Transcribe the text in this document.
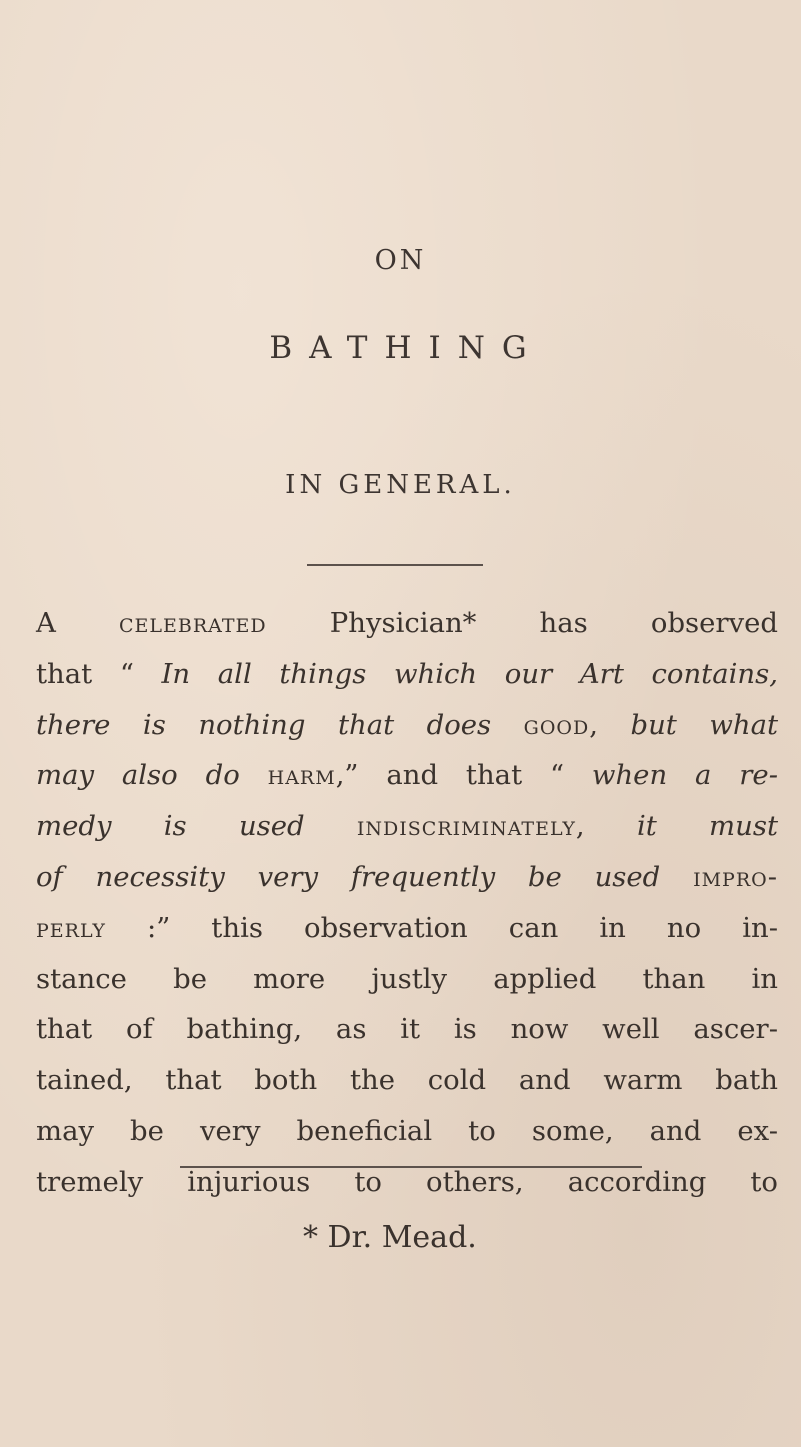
ON
BATHING
IN GENERAL.
A celebrated Physician* has observed
that “ In all things which our Art contains,
there is nothing that does good, but what
may also do harm,” and that “ when a re-
medy is used indiscriminately, it must
of necessity very frequently be used impro-
perly :” this observation can in no in-
stance be more justly applied than in
that of bathing, as it is now well ascer-
tained, that both the cold and warm bath
may be very beneficial to some, and ex-
tremely injurious to others, according to
* Dr. Mead.
